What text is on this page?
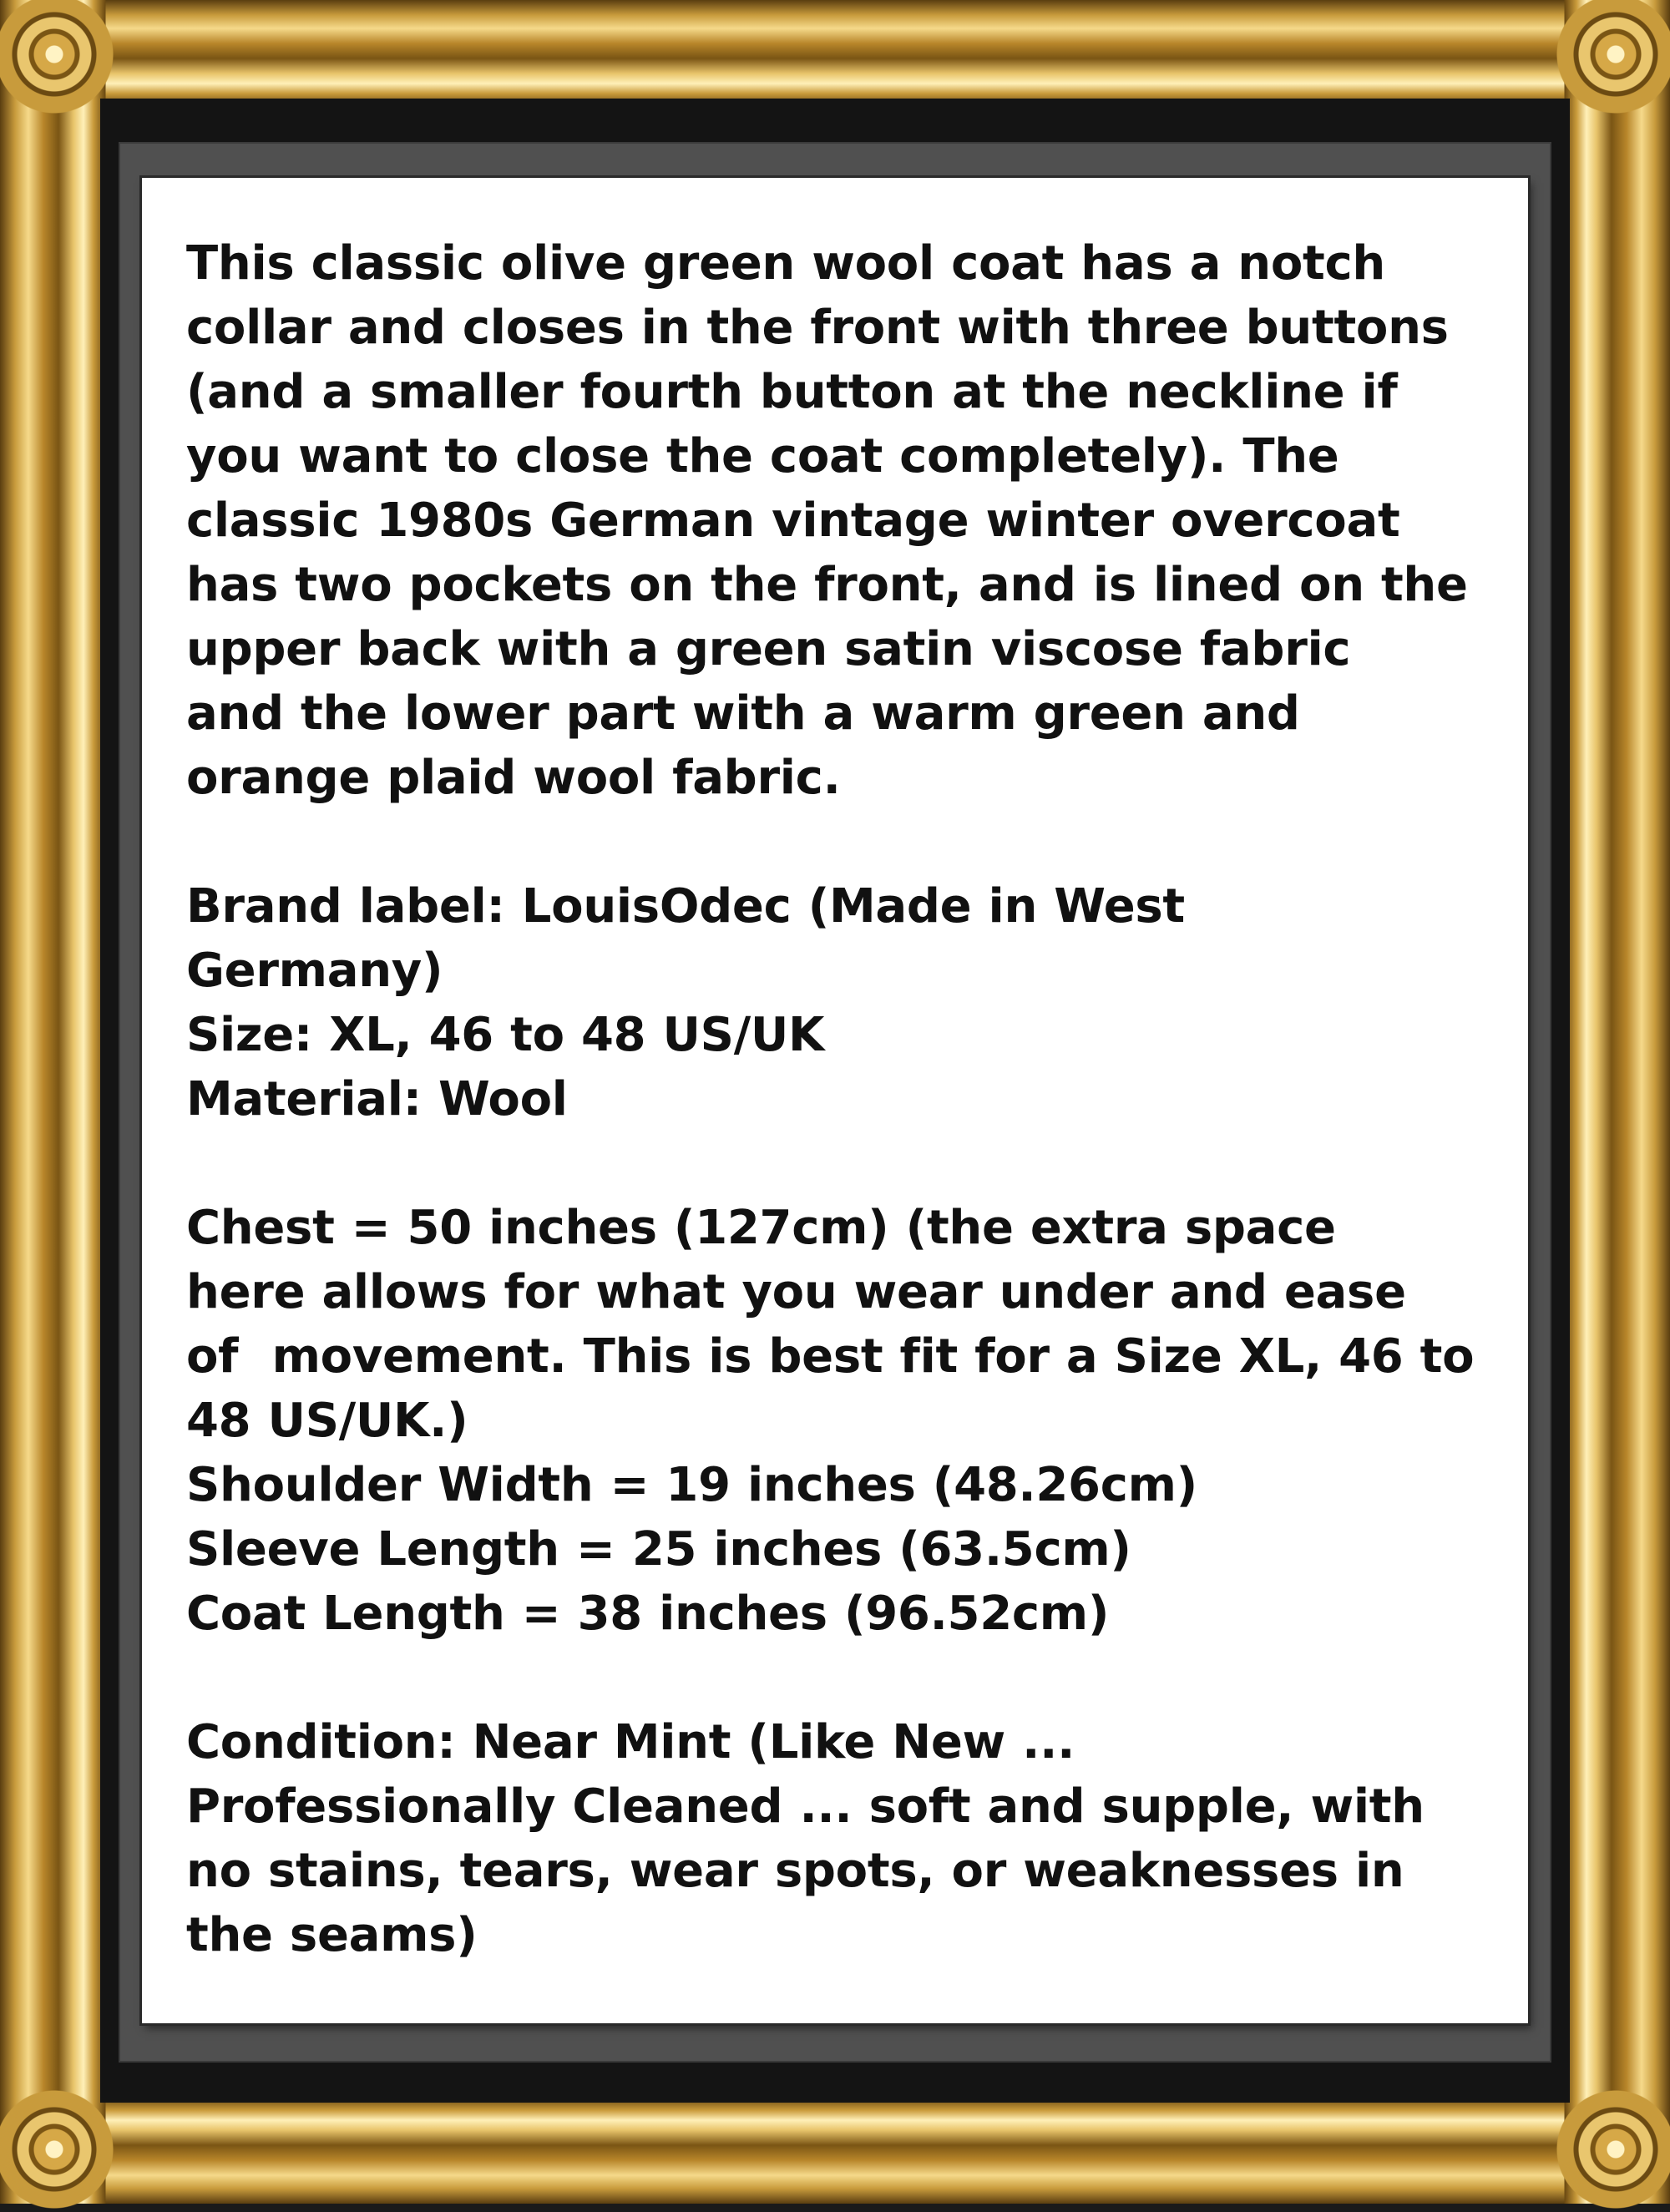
This classic olive green wool coat has a notch
collar and closes in the front with three buttons
(and a smaller fourth button at the neckline if
you want to close the coat completely). The
classic 1980s German vintage winter overcoat
has two pockets on the front, and is lined on the
upper back with a green satin viscose fabric
and the lower part with a warm green and
orange plaid wool fabric.

Brand label: LouisOdec (Made in West
Germany)
Size: XL, 46 to 48 US/UK
Material: Wool

Chest = 50 inches (127cm) (the extra space
here allows for what you wear under and ease
of  movement. This is best fit for a Size XL, 46 to
48 US/UK.)
Shoulder Width = 19 inches (48.26cm)
Sleeve Length = 25 inches (63.5cm)
Coat Length = 38 inches (96.52cm)

Condition: Near Mint (Like New ...
Professionally Cleaned ... soft and supple, with
no stains, tears, wear spots, or weaknesses in
the seams)
